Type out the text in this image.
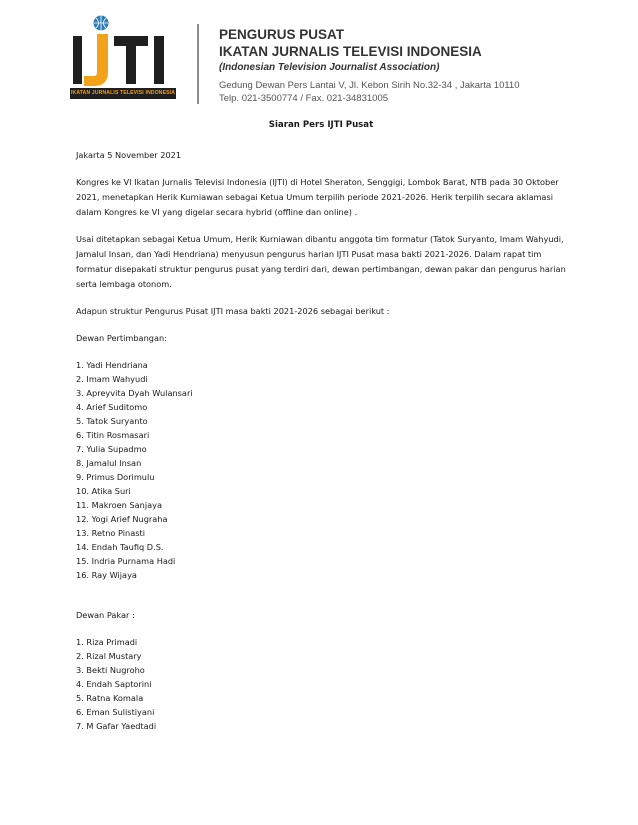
IKATAN JURNALIS TELEVISI INDONESIA
PENGURUS PUSAT
IKATAN JURNALIS TELEVISI INDONESIA
(Indonesian Television Journalist Association)
Gedung Dewan Pers Lantai V, Jl. Kebon Sirih No.32-34 , Jakarta 10110
Telp. 021-3500774 / Fax. 021-34831005
Siaran Pers IJTI Pusat
Jakarta 5 November 2021
Kongres ke VI Ikatan Jurnalis Televisi Indonesia (IJTI) di Hotel Sheraton, Senggigi, Lombok Barat, NTB pada 30 Oktober 2021, menetapkan Herik Kurniawan sebagai Ketua Umum terpilih periode 2021-2026. Herik terpilih secara aklamasi dalam Kongres ke VI yang digelar secara hybrid (offline dan online) .
Usai ditetapkan sebagai Ketua Umum, Herik Kurniawan dibantu anggota tim formatur (Tatok Suryanto, Imam Wahyudi, Jamalul Insan, dan Yadi Hendriana) menyusun pengurus harian IJTI Pusat masa bakti 2021-2026. Dalam rapat tim formatur disepakati struktur pengurus pusat yang terdiri dari, dewan pertimbangan, dewan pakar dan pengurus harian serta lembaga otonom.
Adapun struktur Pengurus Pusat IJTI masa bakti 2021-2026 sebagai berikut :
Dewan Pertimbangan:
1. Yadi Hendriana
2. Imam Wahyudi
3. Apreyvita Dyah Wulansari
4. Arief Suditomo
5. Tatok Suryanto
6. Titin Rosmasari
7. Yulia Supadmo
8. Jamalul Insan
9. Primus Dorimulu
10. Atika Suri
11. Makroen Sanjaya
12. Yogi Arief Nugraha
13. Retno Pinasti
14. Endah Taufiq D.S.
15. Indria Purnama Hadi
16. Ray Wijaya
Dewan Pakar :
1. Riza Primadi
2. Rizal Mustary
3. Bekti Nugroho
4. Endah Saptorini
5. Ratna Komala
6. Eman Sulistiyani
7. M Gafar Yaedtadi
